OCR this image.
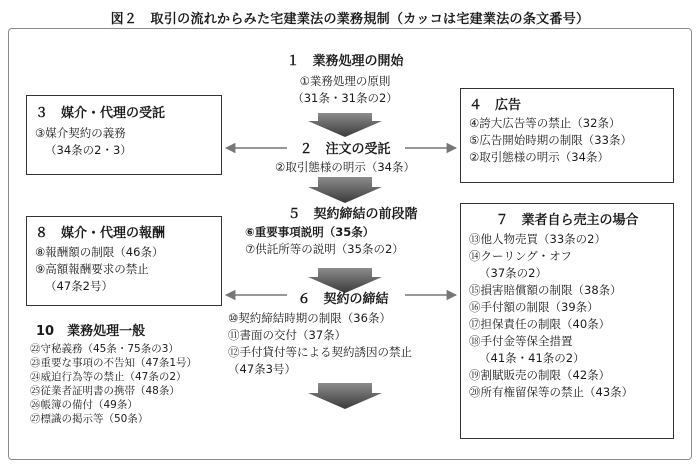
図２　取引の流れからみた宅建業法の業務規制（カッコは宅建業法の条文番号）
１　業務処理の開始
①業務処理の原則
（31条・31条の2）
２　注文の受託
②取引態様の明示（34条）
３　媒介・代理の受託
③媒介契約の義務
（34条の2・3）
４　広告
④誇大広告等の禁止（32条）
⑤広告開始時期の制限（33条）
②取引態様の明示（34条）
５　契約締結の前段階
⑥重要事項説明（35条）
⑦供託所等の説明（35条の2）
７　業者自ら売主の場合
⑬他人物売買（33条の2）
⑭クーリング・オフ
（37条の2）
⑮損害賠償額の制限（38条）
⑯手付額の制限（39条）
⑰担保責任の制限（40条）
⑱手付金等保全措置
（41条・41条の2）
⑲割賦販売の制限（42条）
⑳所有権留保等の禁止（43条）
８　媒介・代理の報酬
⑧報酬額の制限（46条）
⑨高額報酬要求の禁止
（47条2号）
６　契約の締結
⑩契約締結時期の制限（36条）
⑪書面の交付（37条）
⑫手付貸付等による契約誘因の禁止
（47条3号）
10　業務処理一般
㉒守秘義務（45条・75条の3）
㉓重要な事項の不告知（47条1号）
㉔威迫行為等の禁止（47条の2）
㉕従業者証明書の携帯（48条）
㉖帳簿の備付（49条）
㉗標識の掲示等（50条）
